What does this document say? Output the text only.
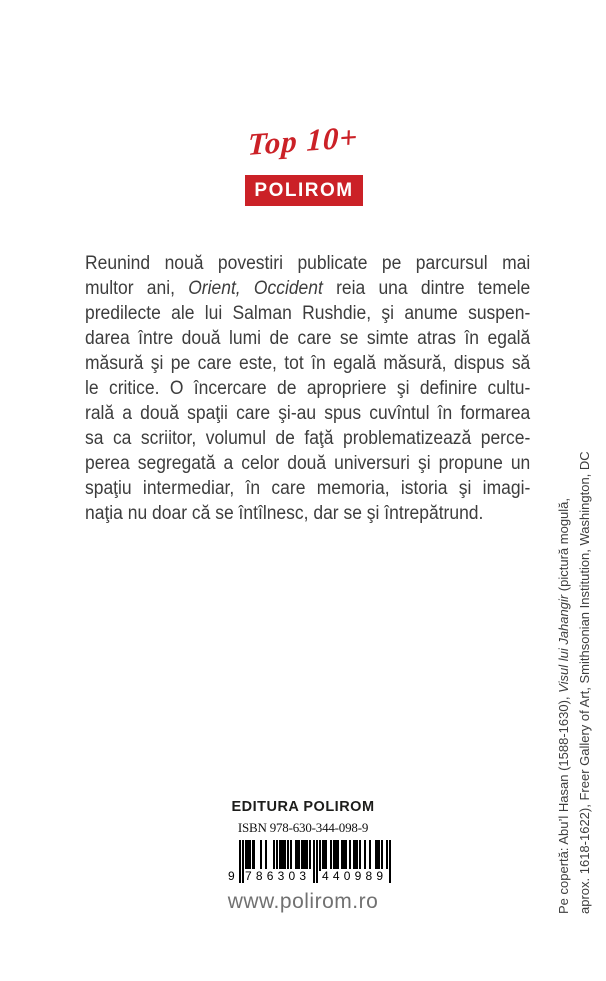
Top 10+
POLIROM
Reunind nouă povestiri publicate pe parcursul mai
multor ani, Orient, Occident reia una dintre temele
predilecte ale lui Salman Rushdie, şi anume suspen-
darea între două lumi de care se simte atras în egală
măsură şi pe care este, tot în egală măsură, dispus să
le critice. O încercare de apropriere şi definire cultu-
rală a două spaţii care şi-au spus cuvîntul în formarea
sa ca scriitor, volumul de faţă problematizează perce-
perea segregată a celor două universuri şi propune un
spaţiu intermediar, în care memoria, istoria şi imagi-
naţia nu doar că se întîlnesc, dar se şi întrepătrund.
Pe copertă: Abu’l Hasan (1588-1630), Visul lui Jahangir (pictură mogulă, aprox. 1618-1622), Freer Gallery of Art, Smithsonian Institution, Washington, DC
EDITURA POLIROM
ISBN 978-630-344-098-9
9 786303 440989
www.polirom.ro
